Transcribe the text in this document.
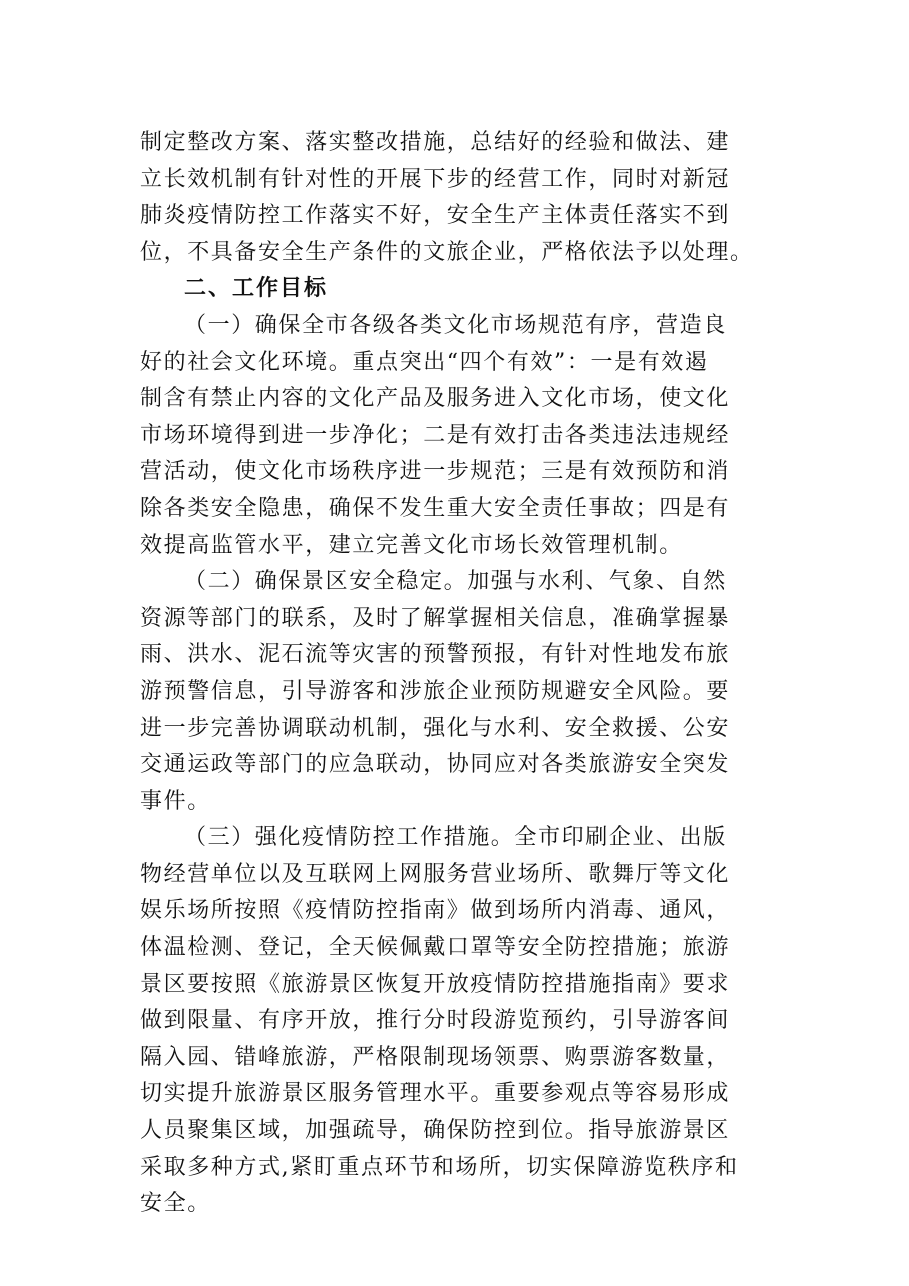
制定整改方案、落实整改措施，总结好的经验和做法、建
立长效机制有针对性的开展下步的经营工作，同时对新冠
肺炎疫情防控工作落实不好，安全生产主体责任落实不到
位，不具备安全生产条件的文旅企业，严格依法予以处理。
二、工作目标
（一）确保全市各级各类文化市场规范有序，营造良
好的社会文化环境。重点突出“四个有效”：一是有效遏
制含有禁止内容的文化产品及服务进入文化市场，使文化
市场环境得到进一步净化；二是有效打击各类违法违规经
营活动，使文化市场秩序进一步规范；三是有效预防和消
除各类安全隐患，确保不发生重大安全责任事故；四是有
效提高监管水平，建立完善文化市场长效管理机制。
（二）确保景区安全稳定。加强与水利、气象、自然
资源等部门的联系，及时了解掌握相关信息，准确掌握暴
雨、洪水、泥石流等灾害的预警预报，有针对性地发布旅
游预警信息，引导游客和涉旅企业预防规避安全风险。要
进一步完善协调联动机制，强化与水利、安全救援、公安
交通运政等部门的应急联动，协同应对各类旅游安全突发
事件。
（三）强化疫情防控工作措施。全市印刷企业、出版
物经营单位以及互联网上网服务营业场所、歌舞厅等文化
娱乐场所按照《疫情防控指南》做到场所内消毒、通风，
体温检测、登记，全天候佩戴口罩等安全防控措施；旅游
景区要按照《旅游景区恢复开放疫情防控措施指南》要求
做到限量、有序开放，推行分时段游览预约，引导游客间
隔入园、错峰旅游，严格限制现场领票、购票游客数量，
切实提升旅游景区服务管理水平。重要参观点等容易形成
人员聚集区域，加强疏导，确保防控到位。指导旅游景区
采取多种方式,紧盯重点环节和场所，切实保障游览秩序和
安全。
